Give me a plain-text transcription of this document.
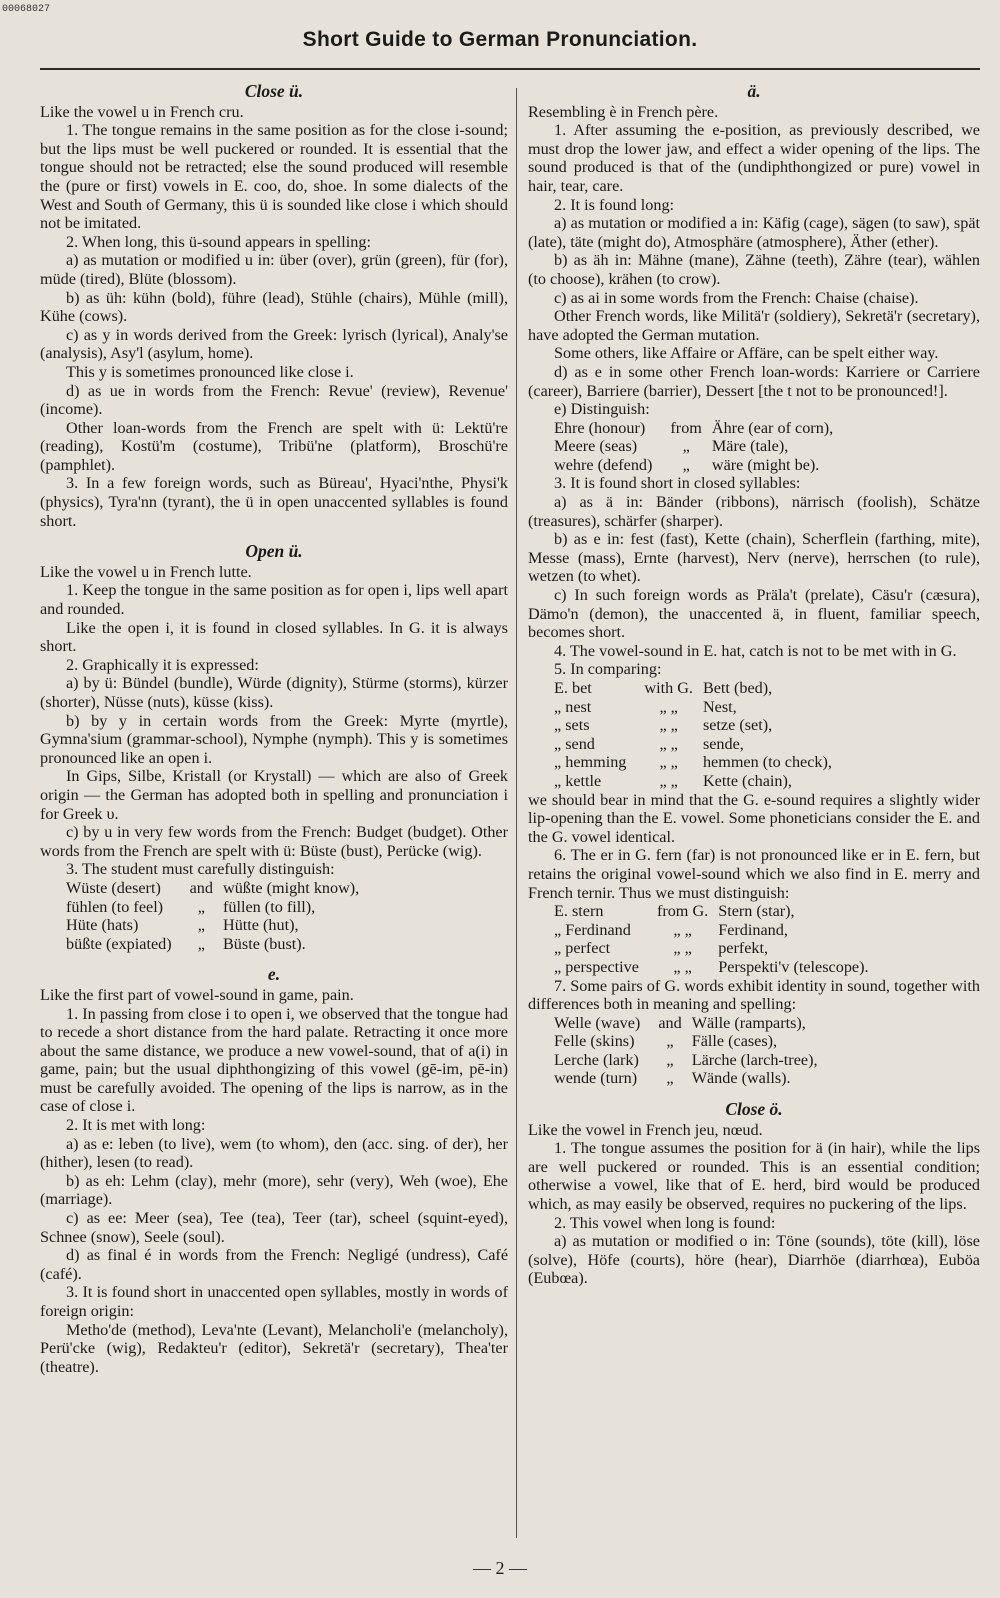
00068027
Short Guide to German Pronunciation.
Close ü.

Like the vowel u in French cru.

1. The tongue remains in the same position as for the close i-sound; but the lips must be well puckered or rounded. It is essential that the tongue should not be retracted; else the sound produced will resemble the (pure or first) vowels in E. coo, do, shoe. In some dialects of the West and South of Germany, this ü is sounded like close i which should not be imitated.

2. When long, this ü-sound appears in spelling:

a) as mutation or modified u in: über (over), grün (green), für (for), müde (tired), Blüte (blossom).

b) as üh: kühn (bold), führe (lead), Stühle (chairs), Mühle (mill), Kühe (cows).

c) as y in words derived from the Greek: lyrisch (lyrical), Analy'se (analysis), Asy'l (asylum, home).

This y is sometimes pronounced like close i.

d) as ue in words from the French: Revue' (review), Revenue' (income).

Other loan-words from the French are spelt with ü: Lektü're (reading), Kostü'm (costume), Tribü'ne (platform), Broschü're (pamphlet).

3. In a few foreign words, such as Büreau', Hyaci'nthe, Physi'k (physics), Tyra'nn (tyrant), the ü in open unaccented syllables is found short.

Open ü.

Like the vowel u in French lutte.

1. Keep the tongue in the same position as for open i, lips well apart and rounded.

Like the open i, it is found in closed syllables. In G. it is always short.

2. Graphically it is expressed:

a) by ü: Bündel (bundle), Würde (dignity), Stürme (storms), kürzer (shorter), Nüsse (nuts), küsse (kiss).

b) by y in certain words from the Greek: Myrte (myrtle), Gymna'sium (grammar-school), Nymphe (nymph). This y is sometimes pronounced like an open i.

In Gips, Silbe, Kristall (or Krystall) — which are also of Greek origin — the German has adopted both in spelling and pronunciation i for Greek υ.

c) by u in very few words from the French: Budget (budget). Other words from the French are spelt with ü: Büste (bust), Perücke (wig).

3. The student must carefully distinguish:

Wüste (desert)	and	wüßte (might know),
fühlen (to feel)	„	füllen (to fill),
Hüte (hats)	„	Hütte (hut),
büßte (expiated)	„	Büste (bust).
e.

Like the first part of vowel-sound in game, pain.

1. In passing from close i to open i, we observed that the tongue had to recede a short distance from the hard palate. Retracting it once more about the same distance, we produce a new vowel-sound, that of a(i) in game, pain; but the usual diphthongizing of this vowel (gē-im, pē-in) must be carefully avoided. The opening of the lips is narrow, as in the case of close i.

2. It is met with long:

a) as e: leben (to live), wem (to whom), den (acc. sing. of der), her (hither), lesen (to read).

b) as eh: Lehm (clay), mehr (more), sehr (very), Weh (woe), Ehe (marriage).

c) as ee: Meer (sea), Tee (tea), Teer (tar), scheel (squint-eyed), Schnee (snow), Seele (soul).

d) as final é in words from the French: Negligé (undress), Café (café).

3. It is found short in unaccented open syllables, mostly in words of foreign origin:

Metho'de (method), Leva'nte (Levant), Melancholi'e (melancholy), Perü'cke (wig), Redakteu'r (editor), Sekretä'r (secretary), Thea'ter (theatre).

ä.

Resembling è in French père.

1. After assuming the e-position, as previously described, we must drop the lower jaw, and effect a wider opening of the lips. The sound produced is that of the (undiphthongized or pure) vowel in hair, tear, care.

2. It is found long:

a) as mutation or modified a in: Käfig (cage), sägen (to saw), spät (late), täte (might do), Atmosphäre (atmosphere), Äther (ether).

b) as äh in: Mähne (mane), Zähne (teeth), Zähre (tear), wählen (to choose), krähen (to crow).

c) as ai in some words from the French: Chaise (chaise).

Other French words, like Militä'r (soldiery), Sekretä'r (secretary), have adopted the German mutation.

Some others, like Affaire or Affäre, can be spelt either way.

d) as e in some other French loan-words: Karriere or Carriere (career), Barriere (barrier), Dessert [the t not to be pronounced!].

e) Distinguish:

Ehre (honour)	from	Ähre (ear of corn),
Meere (seas)	„	Märe (tale),
wehre (defend)	„	wäre (might be).

3. It is found short in closed syllables:

a) as ä in: Bänder (ribbons), närrisch (foolish), Schätze (treasures), schärfer (sharper).

b) as e in: fest (fast), Kette (chain), Scherflein (farthing, mite), Messe (mass), Ernte (harvest), Nerv (nerve), herrschen (to rule), wetzen (to whet).

c) In such foreign words as Präla't (prelate), Cäsu'r (cæsura), Dämo'n (demon), the unaccented ä, in fluent, familiar speech, becomes short.

4. The vowel-sound in E. hat, catch is not to be met with in G.

5. In comparing:

E. bet	with G.	Bett (bed),
„ nest	„ „	Nest,
„ sets	„ „	setze (set),
„ send	„ „	sende,
„ hemming	„ „	hemmen (to check),
„ kettle	„ „	Kette (chain),

we should bear in mind that the G. e-sound requires a slightly wider lip-opening than the E. vowel. Some phoneticians consider the E. and the G. vowel identical.

6. The er in G. fern (far) is not pronounced like er in E. fern, but retains the original vowel-sound which we also find in E. merry and French ternir. Thus we must distinguish:

E. stern	from G.	Stern (star),
„ Ferdinand	„ „	Ferdinand,
„ perfect	„ „	perfekt,
„ perspective	„ „	Perspekti'v (telescope).

7. Some pairs of G. words exhibit identity in sound, together with differences both in meaning and spelling:

Welle (wave)	and	Wälle (ramparts),
Felle (skins)	„	Fälle (cases),
Lerche (lark)	„	Lärche (larch-tree),
wende (turn)	„	Wände (walls).
Close ö.

Like the vowel in French jeu, nœud.

1. The tongue assumes the position for ä (in hair), while the lips are well puckered or rounded. This is an essential condition; otherwise a vowel, like that of E. herd, bird would be produced which, as may easily be observed, requires no puckering of the lips.

2. This vowel when long is found:

a) as mutation or modified o in: Töne (sounds), töte (kill), löse (solve), Höfe (courts), höre (hear), Diarrhöe (diarrhœa), Euböa (Eubœa).

— 2 —
